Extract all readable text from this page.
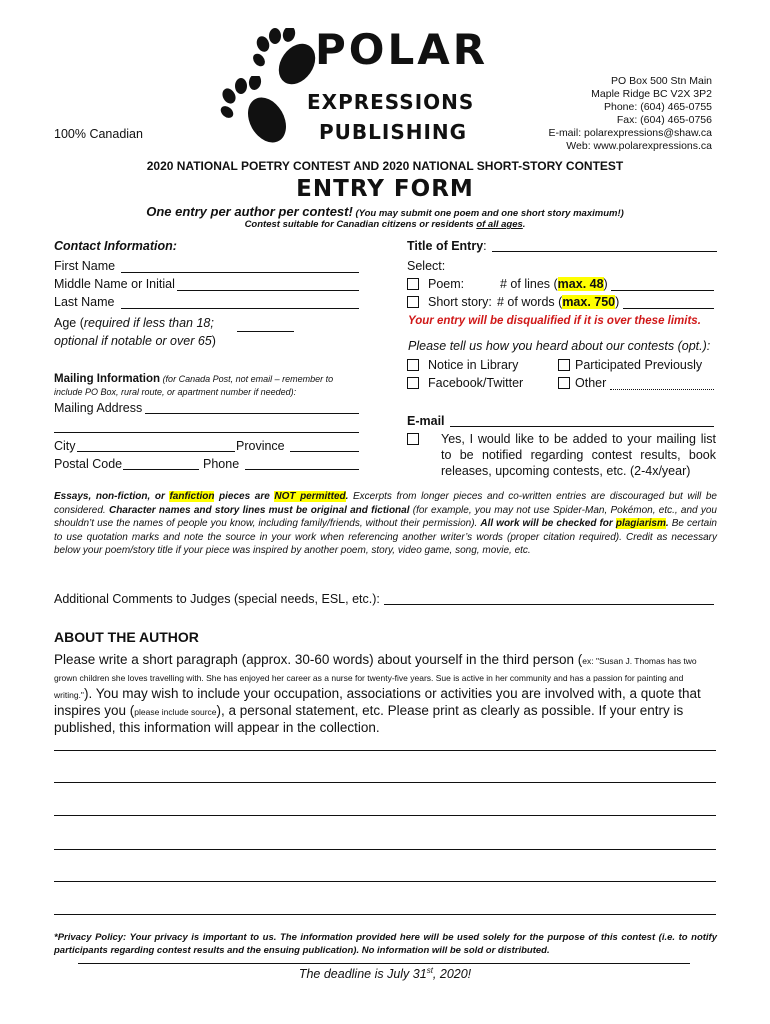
100% Canadian
POLAR
EXPRESSIONS
PUBLISHING
PO Box 500 Stn Main
Maple Ridge BC V2X 3P2
Phone: (604) 465-0755
Fax: (604) 465-0756
E-mail: polarexpressions@shaw.ca
Web: www.polarexpressions.ca
2020 NATIONAL POETRY CONTEST AND 2020 NATIONAL SHORT-STORY CONTEST
ENTRY FORM
One entry per author per contest! (You may submit one poem and one short story maximum!)
Contest suitable for Canadian citizens or residents of all ages.
Contact Information:
First Name
Middle Name or Initial
Last Name
Age (required if less than 18;
optional if notable or over 65)
Mailing Information (for Canada Post, not email – remember to
include PO Box, rural route, or apartment number if needed):
Mailing Address
City	Province
Postal Code	Phone
Title of Entry:
Select:
Poem:	# of lines (max. 48)
Short story: # of words (max. 750)
Your entry will be disqualified if it is over these limits.
Please tell us how you heard about our contests (opt.):
Notice in Library	Participated Previously
Facebook/Twitter	Other
E-mail
Yes, I would like to be added to your mailing list to be notified regarding contest results, book releases, upcoming contests, etc. (2-4x/year)
Essays, non-fiction, or fanfiction pieces are NOT permitted. Excerpts from longer pieces and co-written entries are discouraged but will be considered. Character names and story lines must be original and fictional (for example, you may not use Spider-Man, Pokémon, etc., and you shouldn’t use the names of people you know, including family/friends, without their permission). All work will be checked for plagiarism. Be certain to use quotation marks and note the source in your work when referencing another writer’s words (proper citation required). Credit as necessary below your poem/story title if your piece was inspired by another poem, story, video game, song, movie, etc.
Additional Comments to Judges (special needs, ESL, etc.):
ABOUT THE AUTHOR
Please write a short paragraph (approx. 30-60 words) about yourself in the third person (ex: "Susan J. Thomas has two grown children she loves travelling with. She has enjoyed her career as a nurse for twenty-five years. Sue is active in her community and has a passion for painting and writing."). You may wish to include your occupation, associations or activities you are involved with, a quote that inspires you (please include source), a personal statement, etc. Please print as clearly as possible. If your entry is published, this information will appear in the collection.
*Privacy Policy: Your privacy is important to us. The information provided here will be used solely for the purpose of this contest (i.e. to notify participants regarding contest results and the ensuing publication). No information will be sold or distributed.
The deadline is July 31st, 2020!
